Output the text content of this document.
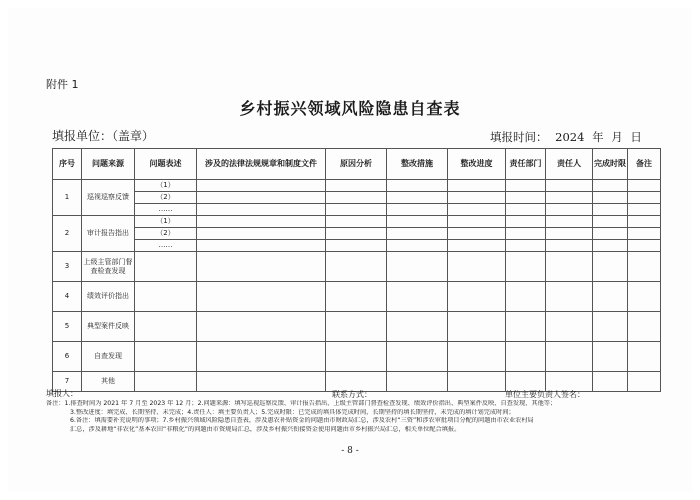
附件 1
乡村振兴领域风险隐患自查表
填报单位：（盖章）	填报时间： 2024 年 月 日
序号	问题来源	问题表述	涉及的法律法规规章和制度文件	原因分析	整改措施	整改进度	责任部门	责任人	完成时限	备注
1	巡视巡察反馈	（1）								
		（2）								
		……								
2	审计报告指出	（1）								
		（2）								
		……								
3	上级主管部门督查检查发现									
4	绩效评价指出									
5	典型案件反映									
6	自查发现									
7	其他									
填报人：	联系方式：	单位主要负责人签名：
备注：1.排查时间为 2021 年 7 月至 2023 年 12 月；2.问题来源：填写巡视巡察反馈、审计报告指出、上级主管部门督查检查发现、绩效评价指出、典型案件反映、自查发现、其他等；
3.整改进度：填完成、长期坚持、未完成；4.责任人：填主要负责人；5.完成时限：已完成的填具体完成时间，长期坚持的填长期坚持，未完成的填计划完成时间；
6.备注：填需要补充说明的事项；7.乡村振兴领域风险隐患自查表，涉及惠农补贴资金的问题由市财政局汇总，涉及农村“三资”和涉农审批项目分配的问题由市农业农村局
汇总，涉及耕地“非农化”基本农田“非粮化”的问题由市资规局汇总，涉及乡村振兴衔接资金使用问题由市乡村振兴局汇总，相关单位配合填报。
- 8 -
